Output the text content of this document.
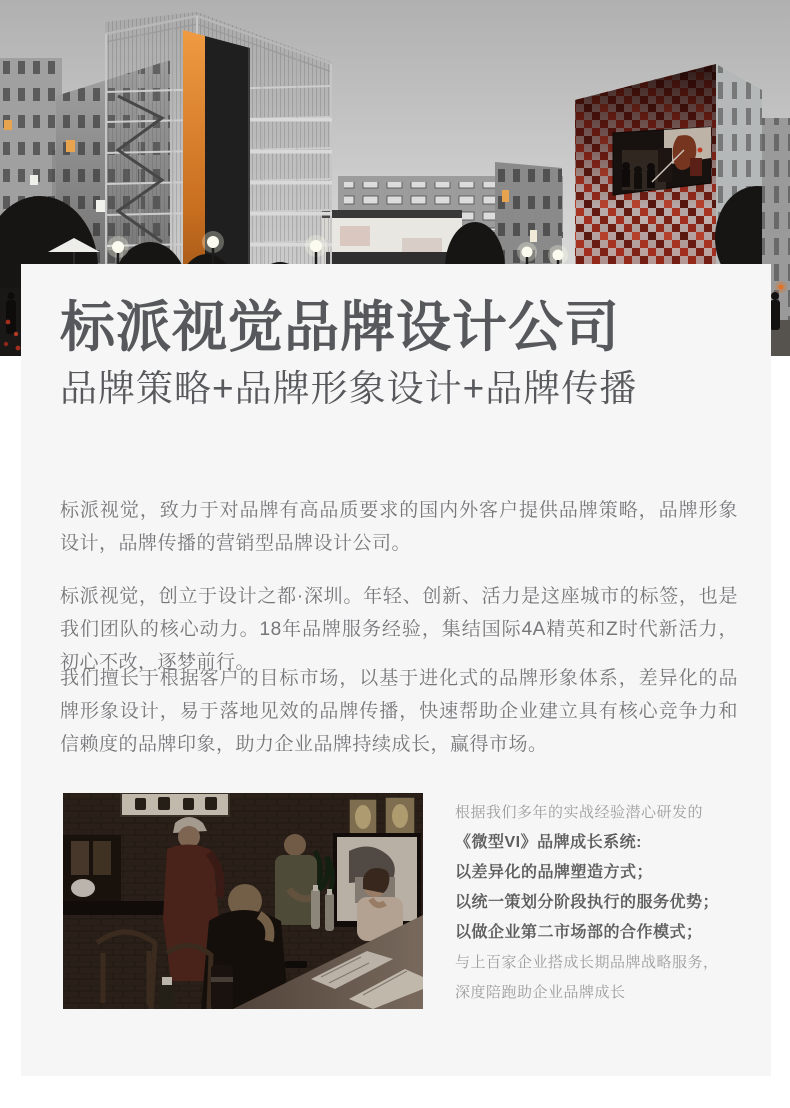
标派视觉品牌设计公司
品牌策略+品牌形象设计+品牌传播
标派视觉，致力于对品牌有高品质要求的国内外客户提供品牌策略，品牌形象设计，品牌传播的营销型品牌设计公司。
标派视觉，创立于设计之都·深圳。年轻、创新、活力是这座城市的标签，也是我们团队的核心动力。18年品牌服务经验，集结国际4A精英和Z时代新活力，初心不改，逐梦前行。
我们擅长于根据客户的目标市场，以基于进化式的品牌形象体系，差异化的品牌形象设计，易于落地见效的品牌传播，快速帮助企业建立具有核心竞争力和信赖度的品牌印象，助力企业品牌持续成长，赢得市场。
根据我们多年的实战经验潜心研发的
《微型VI》品牌成长系统:
以差异化的品牌塑造方式；
以统一策划分阶段执行的服务优势；
以做企业第二市场部的合作模式；
与上百家企业搭成长期品牌战略服务，
深度陪跑助企业品牌成长
